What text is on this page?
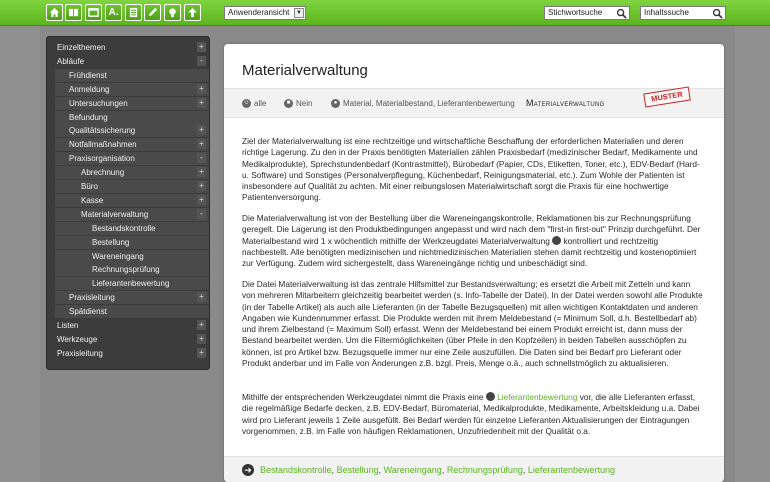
A.	Anwenderansicht	▼	Stichwortsuche	Inhaltssuche
Einzelthemen	+
Abläufe	-
Frühdienst
Anmeldung	+
Untersuchungen	+
Befundung
Qualitätssicherung	+
Notfallmaßnahmen	+
Praxisorganisation	-
Abrechnung	+
Büro	+
Kasse	+
Materialverwaltung	-
Bestandskontrolle
Bestellung
Wareneingang
Rechnungsprüfung
Lieferantenbewertung
Praxisleitung	+
Spätdienst
Listen	+
Werkzeuge	+
Praxisleitung	+
Materialverwaltung
☺ alle	■ Nein	● Material, Materialbestand, Lieferantenbewertung Materialverwaltung	MUSTER
Ziel der Materialverwaltung ist eine rechtzeitige und wirtschaftliche Beschaffung der erforderlichen Materialien und deren richtige Lagerung. Zu den in der Praxis benötigten Materialien zählen Praxisbedarf (medizinischer Bedarf, Medikamente und Medikalprodukte), Sprechstundenbedarf (Kontrastmittel), Bürobedarf (Papier, CDs, Etiketten, Toner, etc.), EDV-Bedarf (Hard- u. Software) und Sonstiges (Personalverpflegung, Küchenbedarf, Reinigungsmaterial, etc.). Zum Wohle der Patienten ist insbesondere auf Qualität zu achten. Mit einer reibungslosen Materialwirtschaft sorgt die Praxis für eine hochwertige Patientenversorgung.
Die Materialverwaltung ist von der Bestellung über die Wareneingangskontrolle, Reklamationen bis zur Rechnungsprüfung geregelt. Die Lagerung ist den Produktbedingungen angepasst und wird nach dem "first-in first-out" Prinzip durchgeführt. Der Materialbestand wird 1 x wöchentlich mithilfe der Werkzeugdatei Materialverwaltung kontrolliert und rechtzeitig nachbestellt. Alle benötigten medizinischen und nichtmedizinischen Materialien stehen damit rechtzeitig und kostenoptimiert zur Verfügung. Zudem wird sichergestellt, dass Wareneingänge richtig und unbeschädigt sind.
Die Datei Materialverwaltung ist das zentrale Hilfsmittel zur Bestandsverwaltung; es ersetzt die Arbeit mit Zetteln und kann von mehreren Mitarbeitern gleichzeitig bearbeitet werden (s. Info-Tabelle der Datei). In der Datei werden sowohl alle Produkte (in der Tabelle Artikel) als auch alle Lieferanten (in der Tabelle Bezugsquellen) mit allen wichtigen Kontaktdaten und anderen Angaben wie Kundennummer erfasst. Die Produkte werden mit ihrem Meldebestand (= Minimum Soll, d.h. Bestellbedarf ab) und ihrem Zielbestand (= Maximum Soll) erfasst. Wenn der Meldebestand bei einem Produkt erreicht ist, dann muss der Bestand bearbeitet werden. Um die Filtermöglichkeiten (über Pfeile in den Kopfzeilen) in beiden Tabellen ausschöpfen zu können, ist pro Artikel bzw. Bezugsquelle immer nur eine Zeile auszufüllen. Die Daten sind bei Bedarf pro Lieferant oder Produkt anderbar und im Falle von Änderungen z.B. bzgl. Preis, Menge o.ä., auch schnellstmöglich zu aktualisieren.
Mithilfe der entsprechenden Werkzeugdatei nimmt die Praxis eine Lieferantenbewertung vor, die alle Lieferanten erfasst, die regelmäßige Bedarfe decken, z.B. EDV-Bedarf, Büromaterial, Medikalprodukte, Medikamente, Arbeitskleidung u.a. Dabei wird pro Lieferant jeweils 1 Zeile ausgefüllt. Bei Bedarf werden für einzelne Lieferanten Aktualisierungen der Eintragungen vorgenommen, z.B. im Falle von häufigen Reklamationen, Unzufriedenheit mit der Qualität o.a.
➜ Bestandskontrolle, Bestellung, Wareneingang, Rechnungsprüfung, Lieferantenbewertung
